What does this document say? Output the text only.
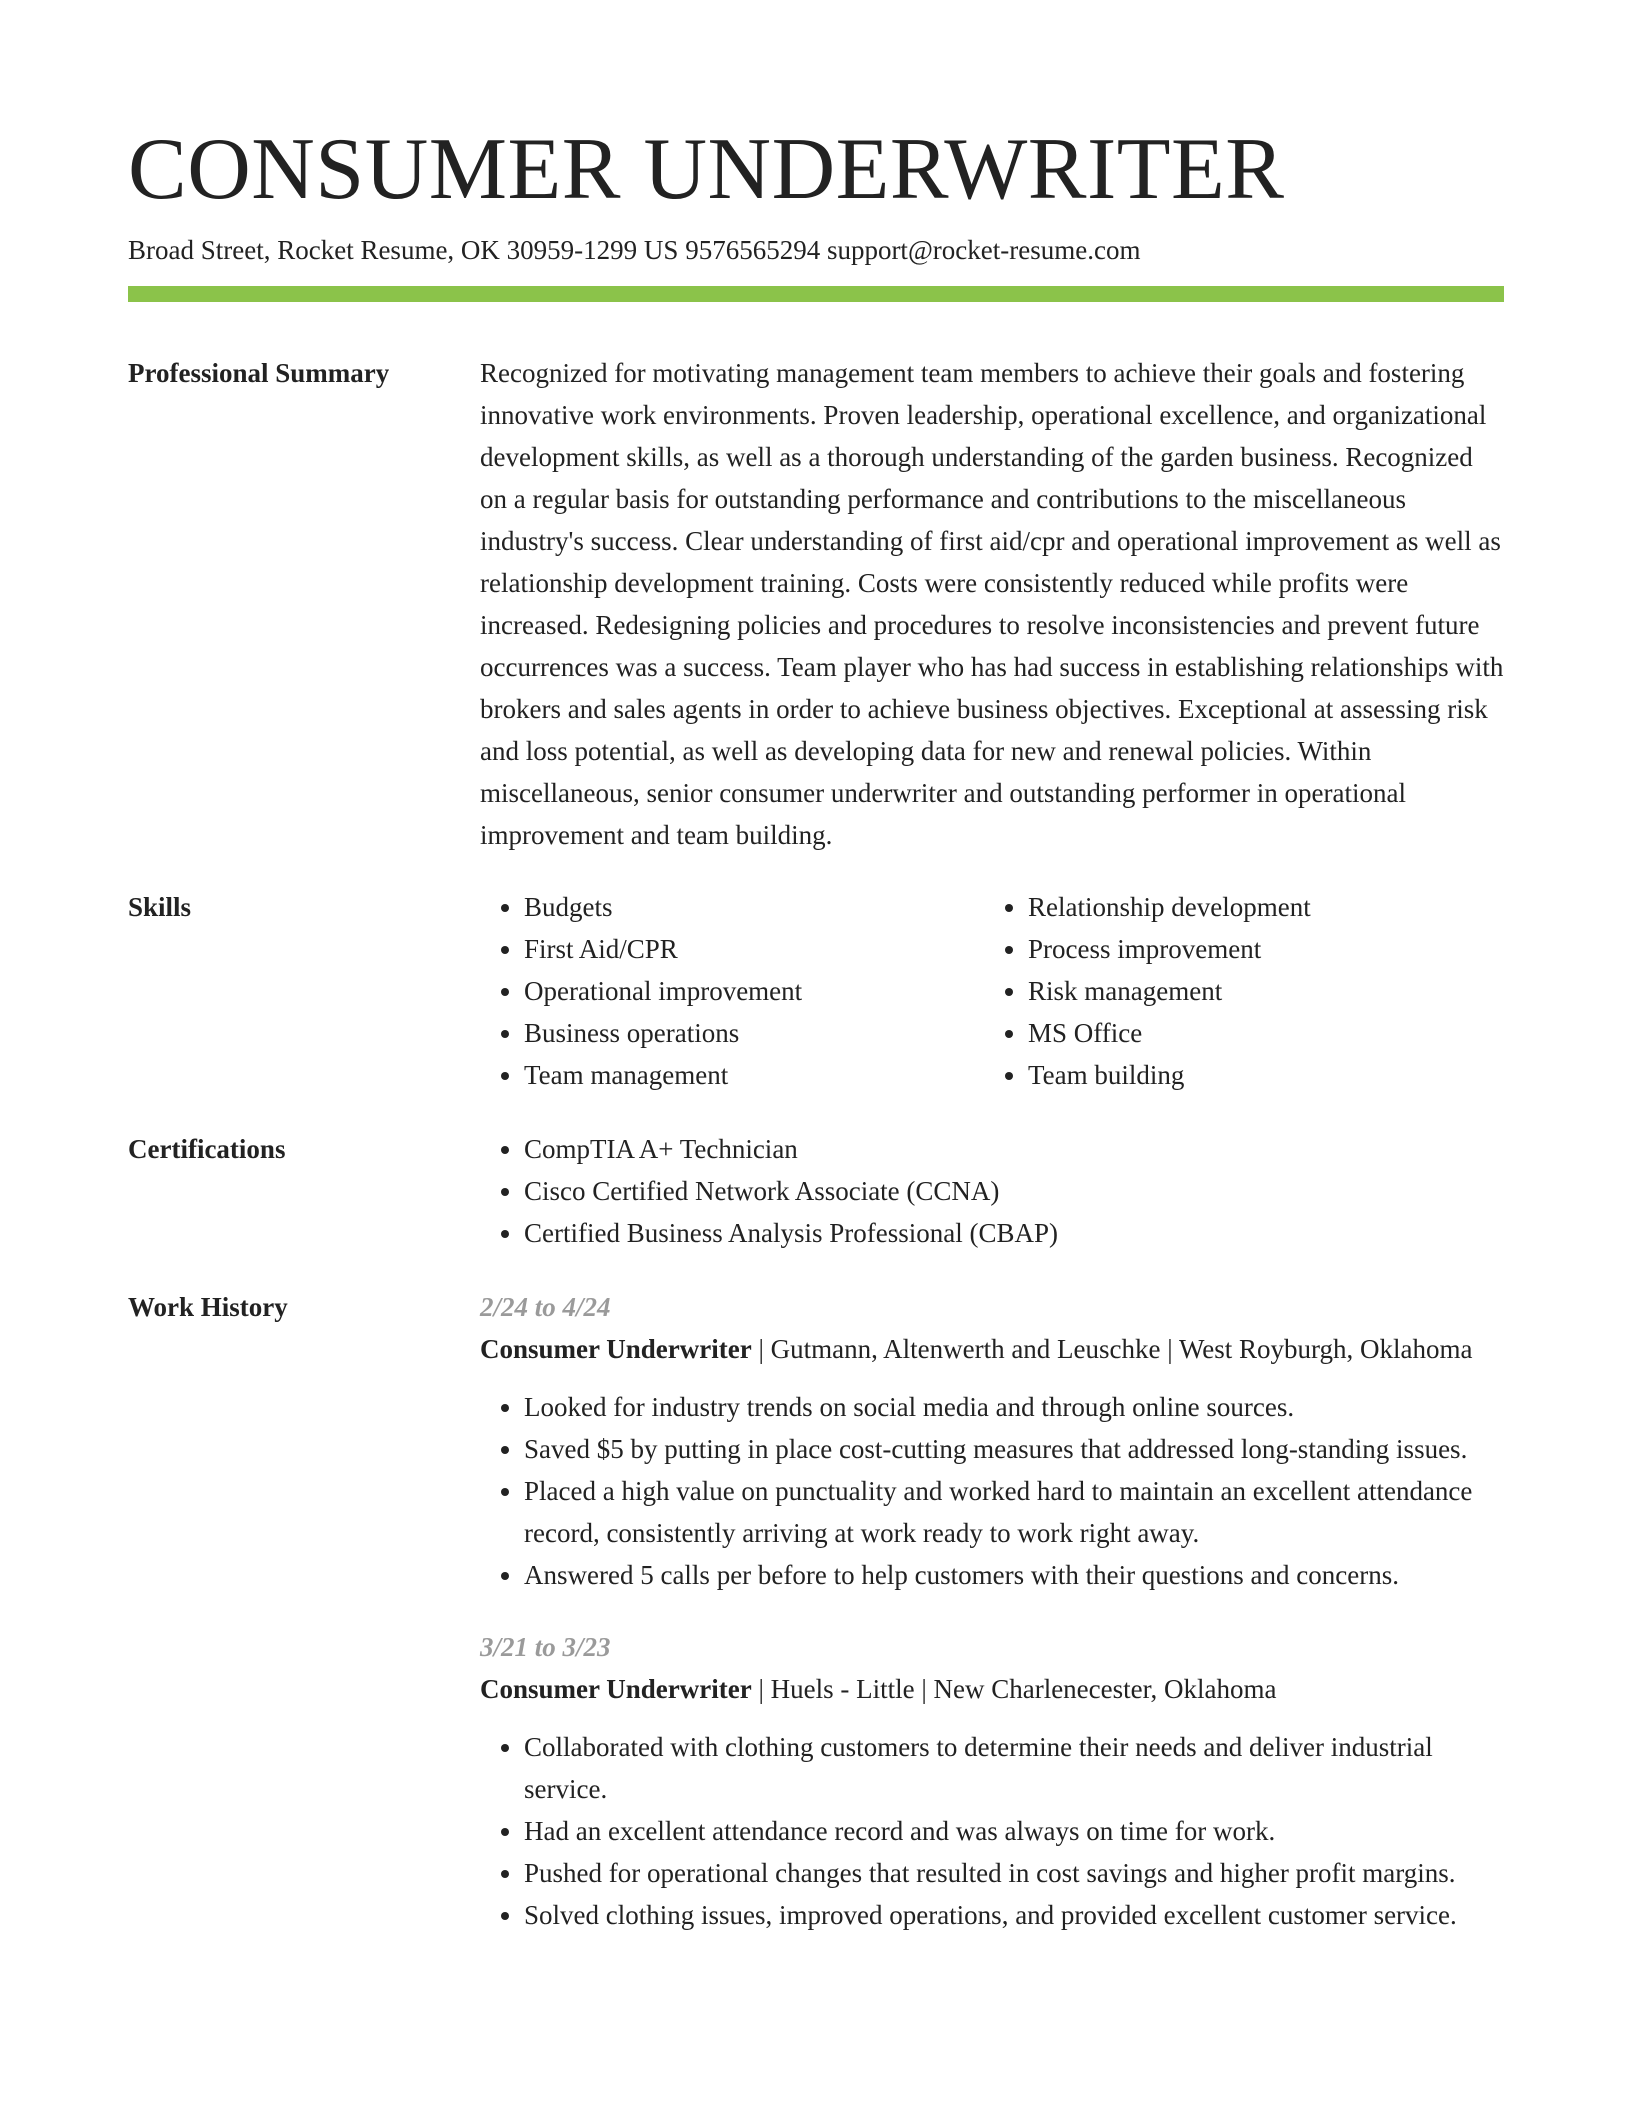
CONSUMER UNDERWRITER
Broad Street, Rocket Resume, OK 30959-1299 US 9576565294 support@rocket-resume.com
Professional Summary	Recognized for motivating management team members to achieve their goals and fostering innovative work environments. Proven leadership, operational excellence, and organizational development skills, as well as a thorough understanding of the garden business. Recognized on a regular basis for outstanding performance and contributions to the miscellaneous industry's success. Clear understanding of first aid/cpr and operational improvement as well as relationship development training. Costs were consistently reduced while profits were increased. Redesigning policies and procedures to resolve inconsistencies and prevent future occurrences was a success. Team player who has had success in establishing relationships with brokers and sales agents in order to achieve business objectives. Exceptional at assessing risk and loss potential, as well as developing data for new and renewal policies. Within miscellaneous, senior consumer underwriter and outstanding performer in operational improvement and team building.

Skills	• Budgets
• First Aid/CPR
• Operational improvement
• Business operations
• Team management
• Relationship development
• Process improvement
• Risk management
• MS Office
• Team building
Certifications	• CompTIA A+ Technician
• Cisco Certified Network Associate (CCNA)
• Certified Business Analysis Professional (CBAP)
Work History	2/24 to 4/24
Consumer Underwriter | Gutmann, Altenwerth and Leuschke | West Royburgh, Oklahoma
• Looked for industry trends on social media and through online sources.
• Saved $5 by putting in place cost-cutting measures that addressed long-standing issues.
• Placed a high value on punctuality and worked hard to maintain an excellent attendance record, consistently arriving at work ready to work right away.
• Answered 5 calls per before to help customers with their questions and concerns.
3/21 to 3/23
Consumer Underwriter | Huels - Little | New Charlenecester, Oklahoma
• Collaborated with clothing customers to determine their needs and deliver industrial service.
• Had an excellent attendance record and was always on time for work.
• Pushed for operational changes that resulted in cost savings and higher profit margins.
• Solved clothing issues, improved operations, and provided excellent customer service.
